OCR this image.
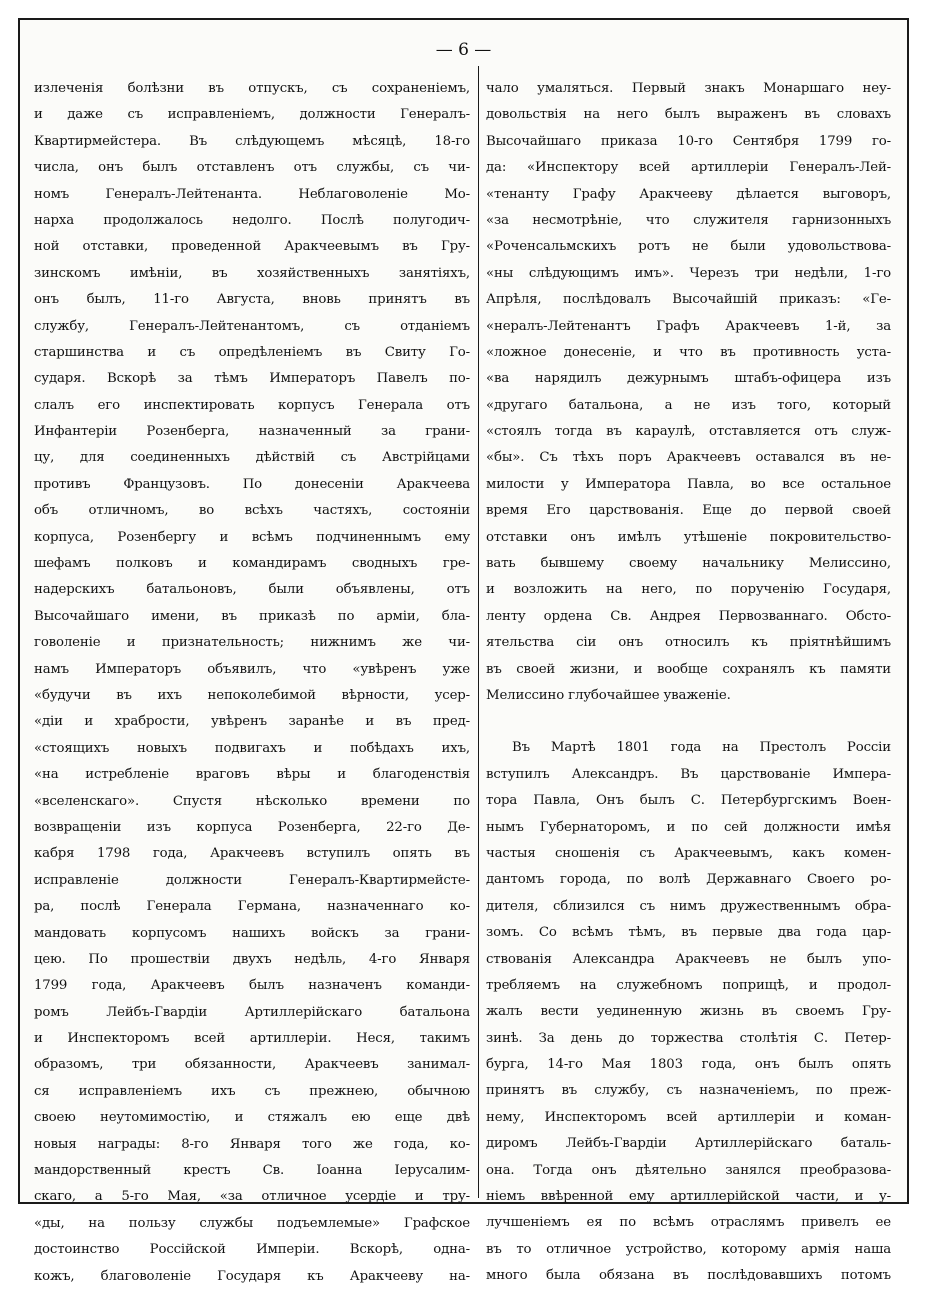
— 6 —
излеченія болѣзни въ отпускъ, съ сохраненіемъ,
и даже съ исправленіемъ, должности Генералъ-
Квартирмейстера. Въ слѣдующемъ мѣсяцѣ, 18-го
числа, онъ былъ отставленъ отъ службы, съ чи-
номъ Генералъ-Лейтенанта. Неблаговоленіе Мо-
нарха продолжалось недолго. Послѣ полугодич-
ной отставки, проведенной Аракчеевымъ въ Гру-
зинскомъ имѣніи, въ хозяйственныхъ занятіяхъ,
онъ былъ, 11-го Августа, вновь принятъ въ
службу, Генералъ-Лейтенантомъ, съ отданіемъ
старшинства и съ опредѣленіемъ въ Свиту Го-
сударя. Вскорѣ за тѣмъ Императоръ Павелъ по-
слалъ его инспектировать корпусъ Генерала отъ
Инфантеріи Розенберга, назначенный за грани-
цу, для соединенныхъ дѣйствій съ Австрійцами
противъ Французовъ. По донесеніи Аракчеева
объ отличномъ, во всѣхъ частяхъ, состояніи
корпуса, Розенбергу и всѣмъ подчиненнымъ ему
шефамъ полковъ и командирамъ сводныхъ гре-
надерскихъ батальоновъ, были объявлены, отъ
Высочайшаго имени, въ приказѣ по арміи, бла-
говоленіе и признательность; нижнимъ же чи-
намъ Императоръ объявилъ, что «увѣренъ уже
«будучи въ ихъ непоколебимой вѣрности, усер-
«діи и храбрости, увѣренъ заранѣе и въ пред-
«стоящихъ новыхъ подвигахъ и побѣдахъ ихъ,
«на истребленіе враговъ вѣры и благоденствія
«вселенскаго». Спустя нѣсколько времени по
возвращеніи изъ корпуса Розенберга, 22-го Де-
кабря 1798 года, Аракчеевъ вступилъ опять въ
исправленіе должности Генералъ-Квартирмейсте-
ра, послѣ Генерала Германа, назначеннаго ко-
мандовать корпусомъ нашихъ войскъ за грани-
цею. По прошествіи двухъ недѣль, 4-го Января
1799 года, Аракчеевъ былъ назначенъ команди-
ромъ Лейбъ-Гвардіи Артиллерійскаго батальона
и Инспекторомъ всей артиллеріи. Неся, такимъ
образомъ, три обязанности, Аракчеевъ занимал-
ся исправленіемъ ихъ съ прежнею, обычною
своею неутомимостію, и стяжалъ ею еще двѣ
новыя награды: 8-го Января того же года, ко-
мандорственный крестъ Св. Іоанна Іерусалим-
скаго, а 5-го Мая, «за отличное усердіе и тру-
«ды, на пользу службы подъемлемые» Графское
достоинство Россійской Имперіи. Вскорѣ, одна-
кожъ, благоволеніе Государя къ Аракчееву на-
чало умаляться. Первый знакъ Монаршаго неу-
довольствія на него былъ выраженъ въ словахъ
Высочайшаго приказа 10-го Сентября 1799 го-
да: «Инспектору всей артиллеріи Генералъ-Лей-
«тенанту Графу Аракчееву дѣлается выговоръ,
«за несмотрѣніе, что служителя гарнизонныхъ
«Роченсальмскихъ ротъ не были удовольствова-
«ны слѣдующимъ имъ». Черезъ три недѣли, 1-го
Апрѣля, послѣдовалъ Высочайшій приказъ: «Ге-
«нералъ-Лейтенантъ Графъ Аракчеевъ 1-й, за
«ложное донесеніе, и что въ противность уста-
«ва нарядилъ дежурнымъ штабъ-офицера изъ
«другаго батальона, а не изъ того, который
«стоялъ тогда въ караулѣ, отставляется отъ служ-
«бы». Съ тѣхъ поръ Аракчеевъ оставался въ не-
милости у Императора Павла, во все остальное
время Его царствованія. Еще до первой своей
отставки онъ имѣлъ утѣшеніе покровительство-
вать бывшему своему начальнику Мелиссино,
и возложить на него, по порученію Государя,
ленту ордена Св. Андрея Первозваннаго. Обсто-
ятельства сіи онъ относилъ къ пріятнѣйшимъ
въ своей жизни, и вообще сохранялъ къ памяти
Мелиссино глубочайшее уваженіе.
Въ Мартѣ 1801 года на Престолъ Россіи
вступилъ Александръ. Въ царствованіе Импера-
тора Павла, Онъ былъ С. Петербургскимъ Воен-
нымъ Губернаторомъ, и по сей должности имѣя
частыя сношенія съ Аракчеевымъ, какъ комен-
дантомъ города, по волѣ Державнаго Своего ро-
дителя, сблизился съ нимъ дружественнымъ обра-
зомъ. Со всѣмъ тѣмъ, въ первые два года цар-
ствованія Александра Аракчеевъ не былъ упо-
требляемъ на служебномъ поприщѣ, и продол-
жалъ вести уединенную жизнь въ своемъ Гру-
зинѣ. За день до торжества столѣтія С. Петер-
бурга, 14-го Мая 1803 года, онъ былъ опять
принятъ въ службу, съ назначеніемъ, по преж-
нему, Инспекторомъ всей артиллеріи и коман-
диромъ Лейбъ-Гвардіи Артиллерійскаго баталь-
она. Тогда онъ дѣятельно занялся преобразова-
ніемъ ввѣренной ему артиллерійской части, и у-
лучшеніемъ ея по всѣмъ отраслямъ привелъ ее
въ то отличное устройство, которому армія наша
много была обязана въ послѣдовавшихъ потомъ
